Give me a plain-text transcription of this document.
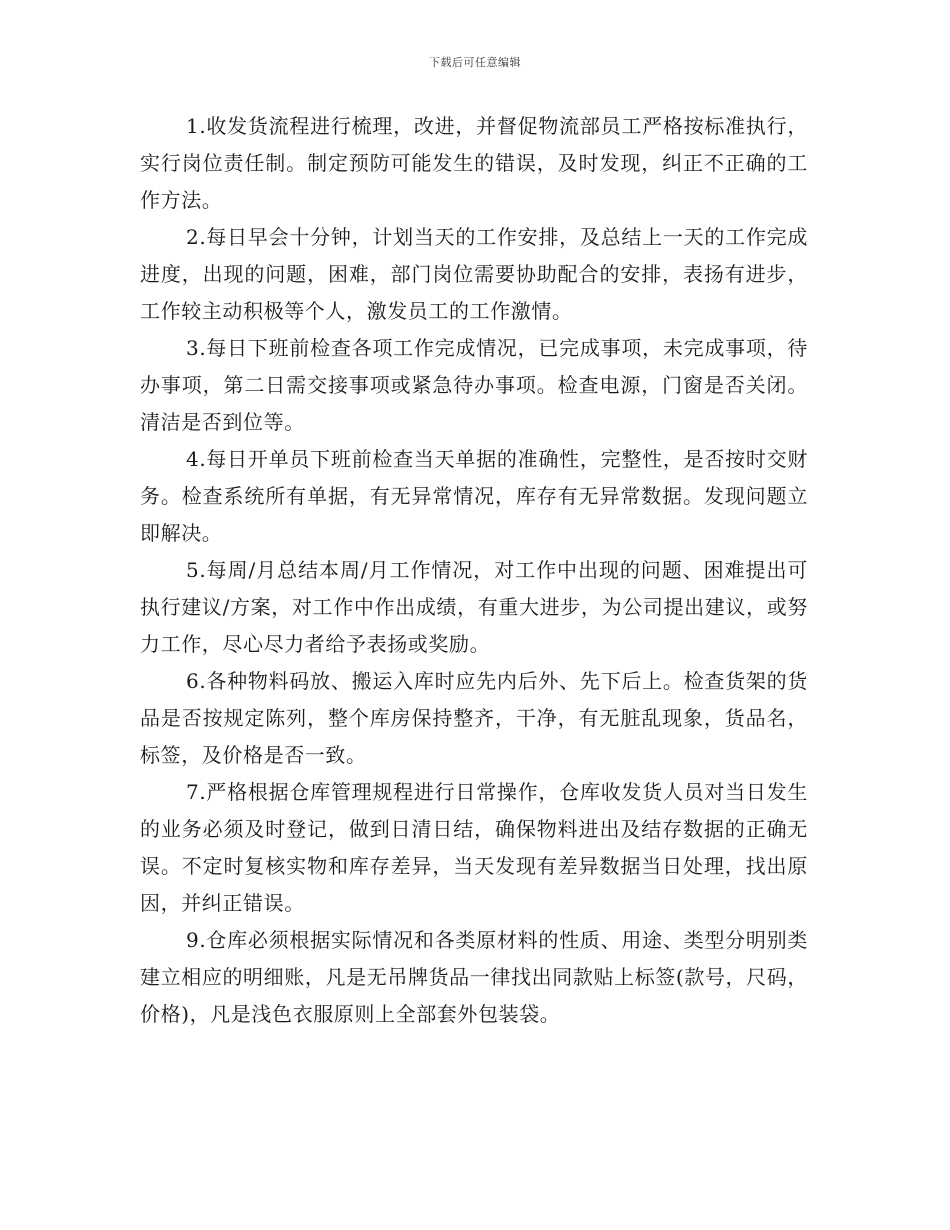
下载后可任意编辑

1.收发货流程进行梳理，改进，并督促物流部员工严格按标准执行，实行岗位责任制。制定预防可能发生的错误，及时发现，纠正不正确的工作方法。

2.每日早会十分钟，计划当天的工作安排，及总结上一天的工作完成进度，出现的问题，困难，部门岗位需要协助配合的安排，表扬有进步，工作较主动积极等个人，激发员工的工作激情。

3.每日下班前检查各项工作完成情况，已完成事项，未完成事项，待办事项，第二日需交接事项或紧急待办事项。检查电源，门窗是否关闭。清洁是否到位等。

4.每日开单员下班前检查当天单据的准确性，完整性，是否按时交财务。检查系统所有单据，有无异常情况，库存有无异常数据。发现问题立即解决。

5.每周/月总结本周/月工作情况，对工作中出现的问题、困难提出可执行建议/方案，对工作中作出成绩，有重大进步，为公司提出建议，或努力工作，尽心尽力者给予表扬或奖励。

6.各种物料码放、搬运入库时应先内后外、先下后上。检查货架的货品是否按规定陈列，整个库房保持整齐，干净，有无脏乱现象，货品名，标签，及价格是否一致。

7.严格根据仓库管理规程进行日常操作，仓库收发货人员对当日发生的业务必须及时登记，做到日清日结，确保物料进出及结存数据的正确无误。不定时复核实物和库存差异，当天发现有差异数据当日处理，找出原因，并纠正错误。

9.仓库必须根据实际情况和各类原材料的性质、用途、类型分明别类建立相应的明细账，凡是无吊牌货品一律找出同款贴上标签(款号，尺码，价格)，凡是浅色衣服原则上全部套外包装袋。
